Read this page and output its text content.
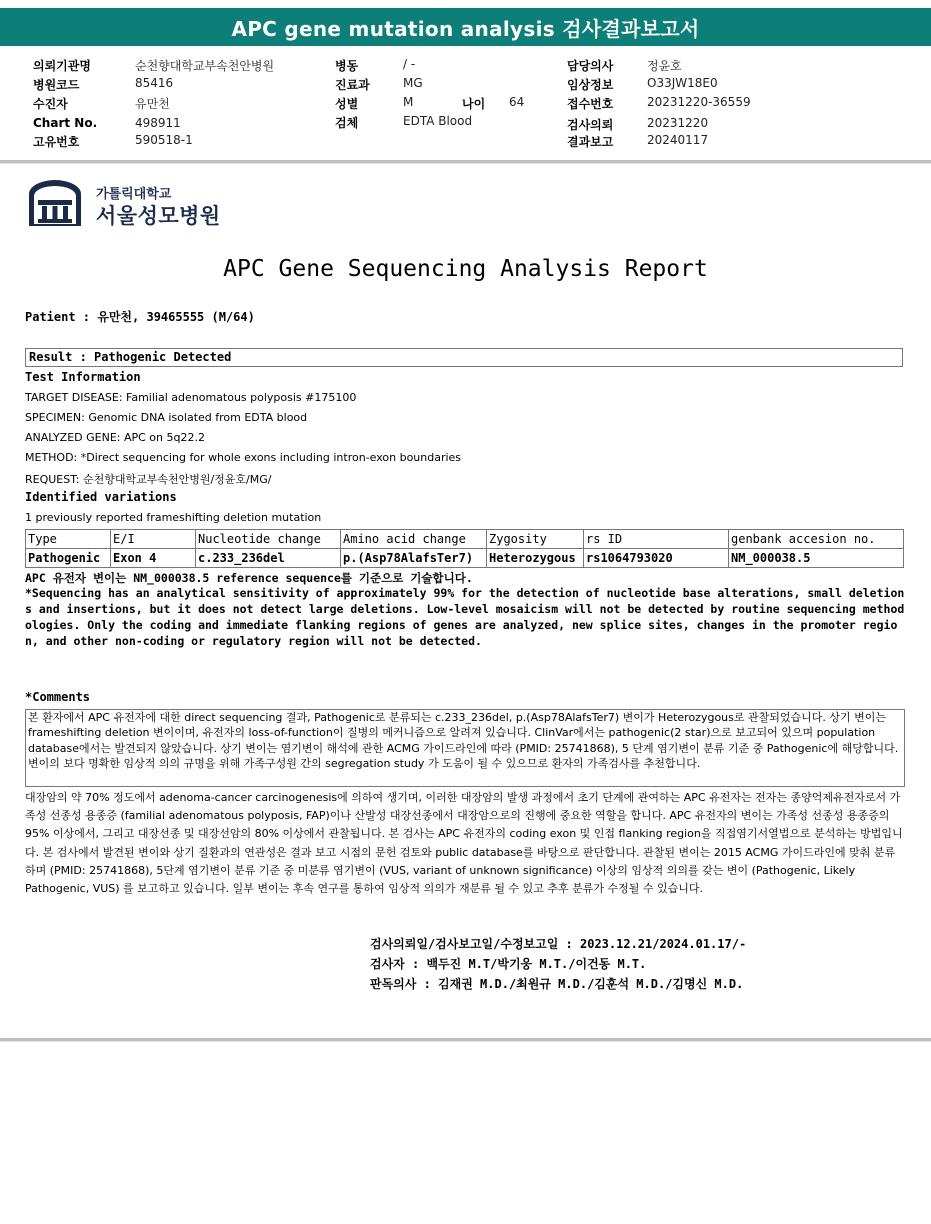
APC gene mutation analysis 검사결과보고서
의뢰기관명	순천향대학교부속천안병원
병원코드	85416
수진자	유만천
Chart No.	498911
고유번호	590518-1
병동	/ -
진료과	MG
성별	M	나이 64
검체	EDTA Blood
담당의사	정윤호
임상정보	O33JW18E0
접수번호	20231220-36559
검사의뢰	20231220
결과보고	20240117
가톨릭대학교
서울성모병원
APC Gene Sequencing Analysis Report
Patient : 유만천, 39465555 (M/64)
Result : Pathogenic Detected
Test Information
TARGET DISEASE: Familial adenomatous polyposis #175100
SPECIMEN: Genomic DNA isolated from EDTA blood
ANALYZED GENE: APC on 5q22.2
METHOD: *Direct sequencing for whole exons including intron-exon boundaries
REQUEST: 순천향대학교부속천안병원/정윤호/MG/
Identified variations
1 previously reported frameshifting deletion mutation
Type	E/I	Nucleotide change	Amino acid change	Zygosity	rs ID	genbank accesion no.
Pathogenic	Exon 4	c.233_236del	p.(Asp78AlafsTer7)	Heterozygous	rs1064793020	NM_000038.5
APC 유전자 변이는 NM_000038.5 reference sequence를 기준으로 기술합니다.
*Sequencing has an analytical sensitivity of approximately 99% for the detection of nucleotide base alterations, small deletions and insertions, but it does not detect large deletions. Low-level mosaicism will not be detected by routine sequencing methodologies. Only the coding and immediate flanking regions of genes are analyzed, new splice sites, changes in the promoter region, and other non-coding or regulatory region will not be detected.
*Comments
본 환자에서 APC 유전자에 대한 direct sequencing 결과, Pathogenic로 분류되는 c.233_236del, p.(Asp78AlafsTer7) 변이가 Heterozygous로 관찰되었습니다. 상기 변이는 frameshifting deletion 변이이며, 유전자의 loss-of-function이 질병의 메커니즘으로 알려져 있습니다. ClinVar에서는 pathogenic(2 star)으로 보고되어 있으며 population database에서는 발견되지 않았습니다. 상기 변이는 염기변이 해석에 관한 ACMG 가이드라인에 따라 (PMID: 25741868), 5 단계 염기변이 분류 기준 중 Pathogenic에 해당합니다. 변이의 보다 명확한 임상적 의의 규명을 위해 가족구성원 간의 segregation study 가 도움이 될 수 있으므로 환자의 가족검사를 추천합니다.
대장암의 약 70% 정도에서 adenoma-cancer carcinogenesis에 의하여 생기며, 이러한 대장암의 발생 과정에서 초기 단계에 관여하는 APC 유전자는 전자는 종양억제유전자로서 가족성 선종성 용종증 (familial adenomatous polyposis, FAP)이나 산발성 대장선종에서 대장암으로의 진행에 중요한 역할을 합니다. APC 유전자의 변이는 가족성 선종성 용종증의 95% 이상에서, 그리고 대장선종 및 대장선암의 80% 이상에서 관찰됩니다. 본 검사는 APC 유전자의 coding exon 및 인접 flanking region을 직접염기서열법으로 분석하는 방법입니다. 본 검사에서 발견된 변이와 상기 질환과의 연관성은 결과 보고 시점의 문헌 검토와 public database를 바탕으로 판단합니다. 관찰된 변이는 2015 ACMG 가이드라인에 맞춰 분류하며 (PMID: 25741868), 5단계 염기변이 분류 기준 중 미분류 염기변이 (VUS, variant of unknown significance) 이상의 임상적 의의를 갖는 변이 (Pathogenic, Likely Pathogenic, VUS) 를 보고하고 있습니다. 일부 변이는 후속 연구를 통하여 임상적 의의가 재분류 될 수 있고 추후 분류가 수정될 수 있습니다.
검사의뢰일/검사보고일/수정보고일 : 2023.12.21/2024.01.17/-
검사자 : 백두진 M.T/박기웅 M.T./이건동 M.T.
판독의사 : 김재권 M.D./최원규 M.D./김훈석 M.D./김명신 M.D.
